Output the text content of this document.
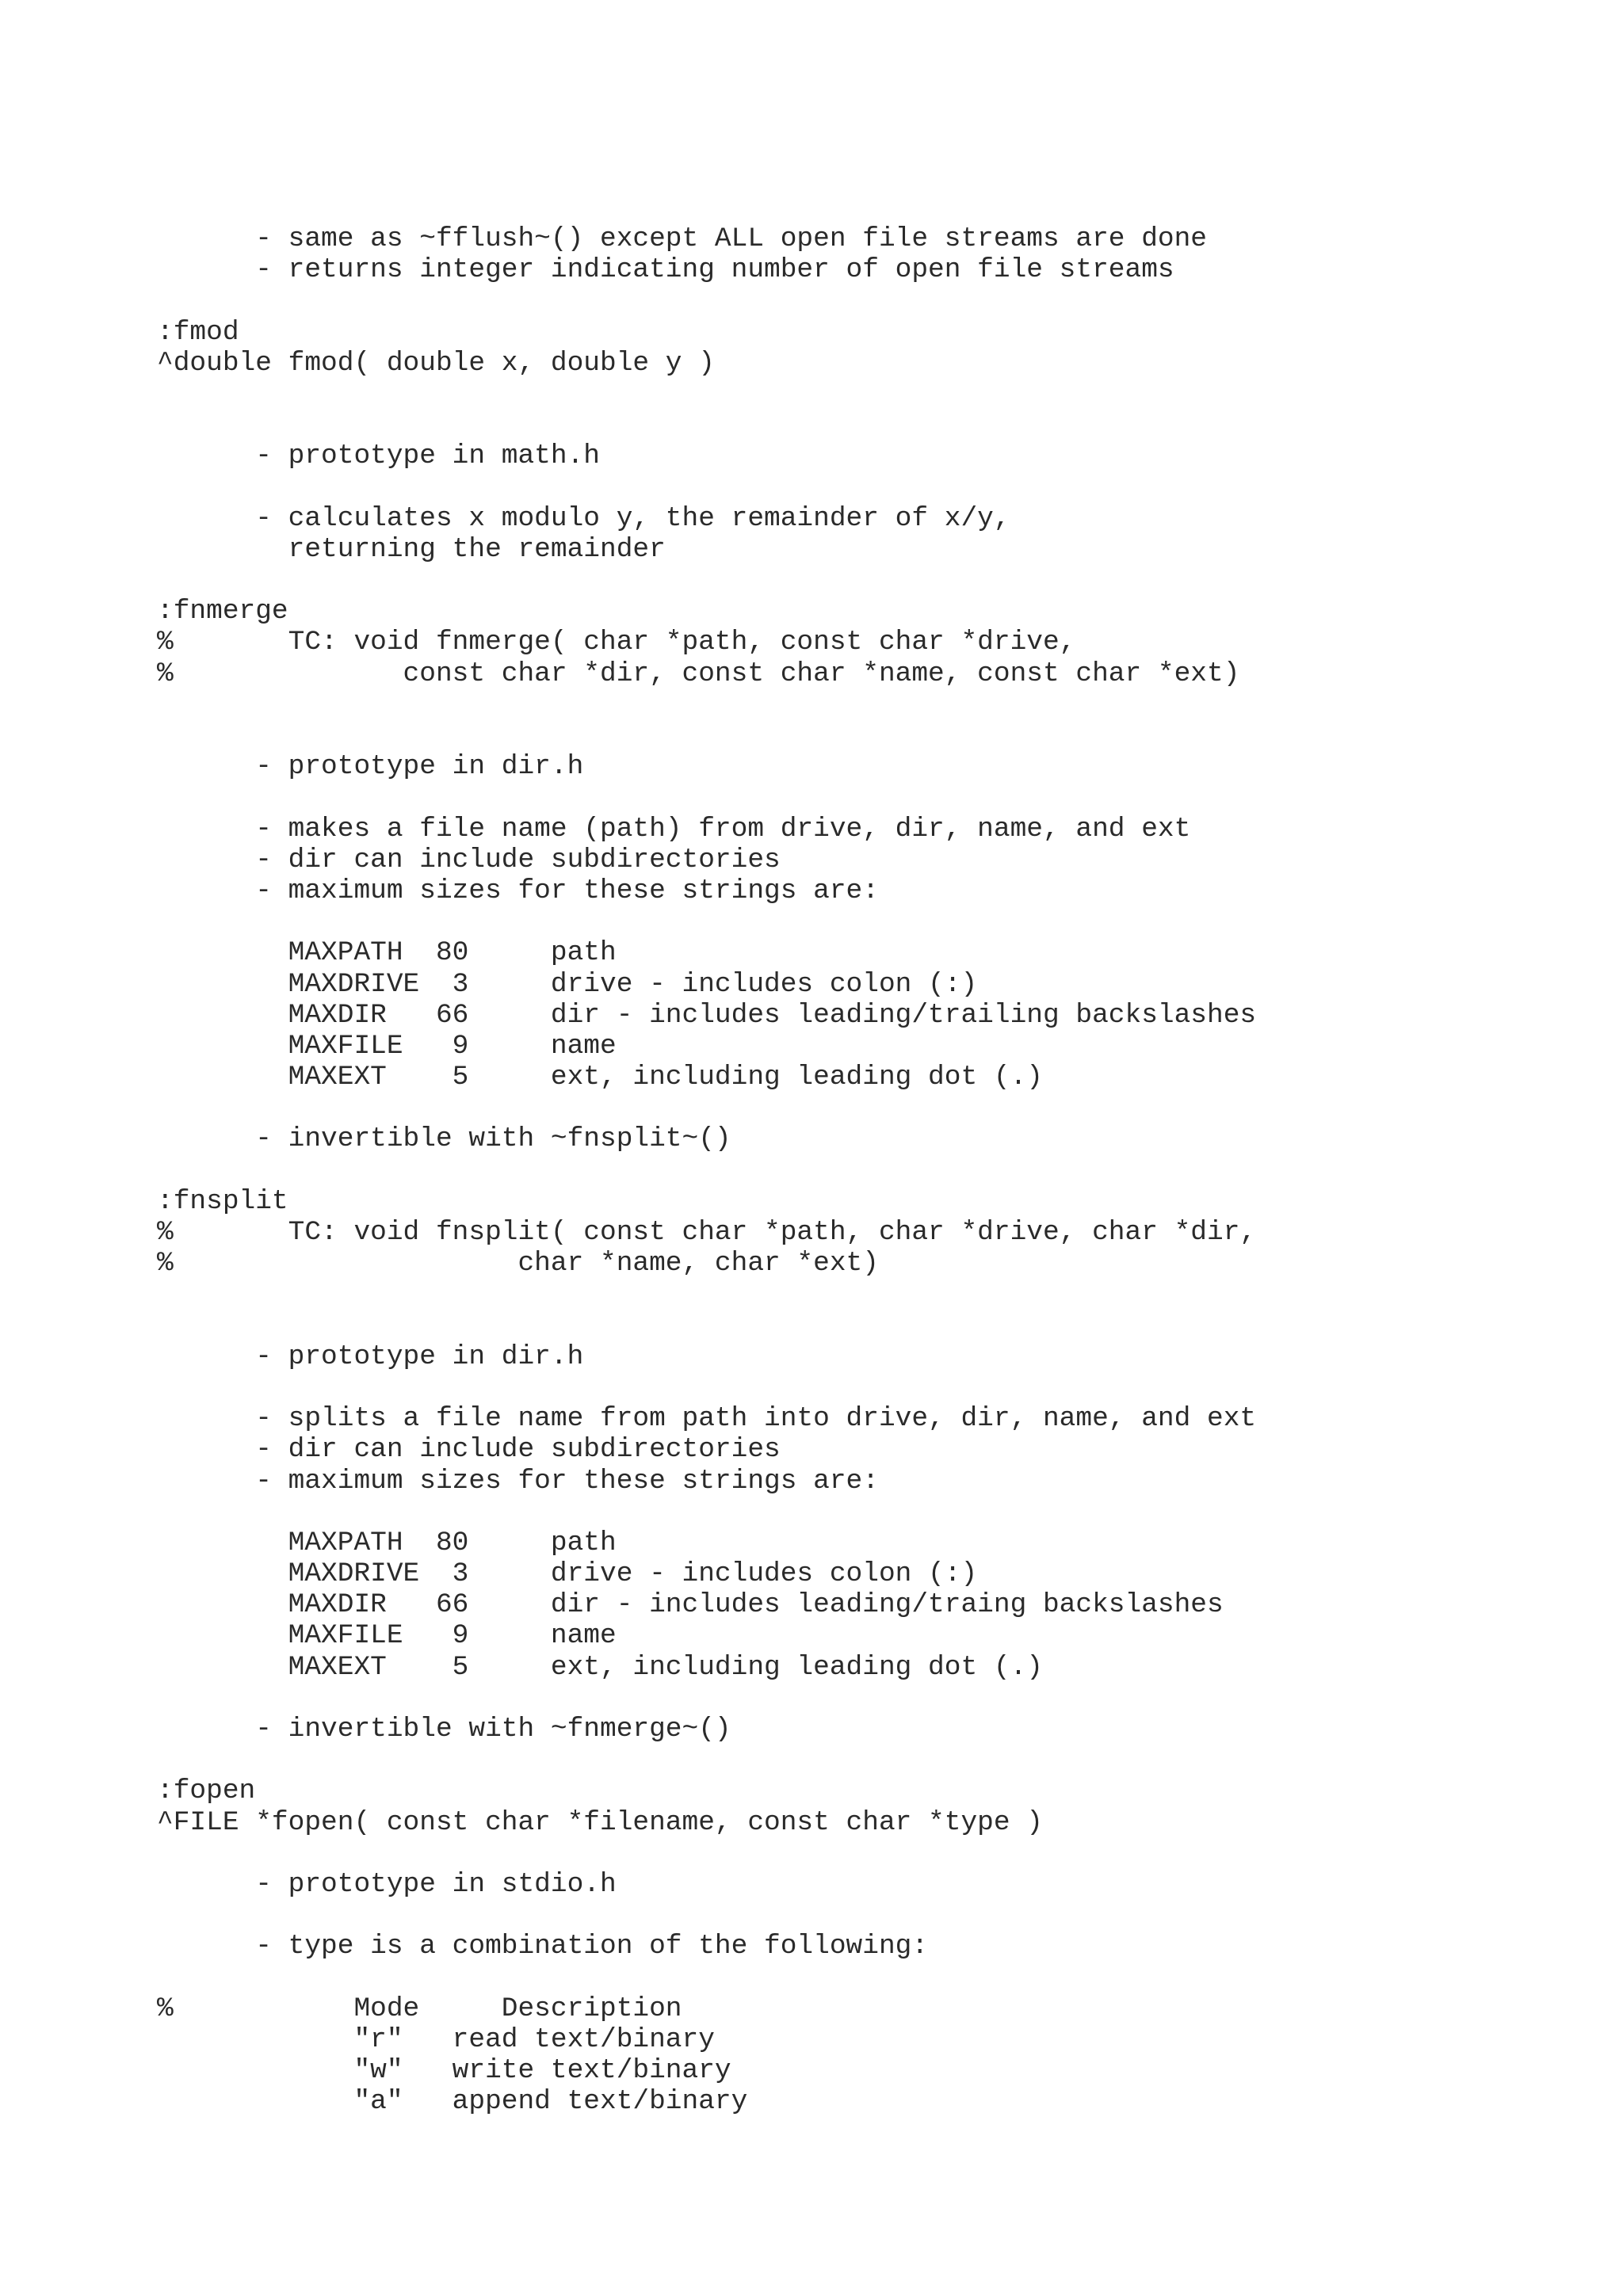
- same as ~fflush~() except ALL open file streams are done
- returns integer indicating number of open file streams

:fmod
^double fmod( double x, double y )

- prototype in math.h

- calculates x modulo y, the remainder of x/y,
returning the remainder

:fnmerge
%       TC: void fnmerge( char *path, const char *drive,
%              const char *dir, const char *name, const char *ext)

- prototype in dir.h

- makes a file name (path) from drive, dir, name, and ext
- dir can include subdirectories
- maximum sizes for these strings are:

MAXPATH  80     path
MAXDRIVE  3     drive - includes colon (:)
MAXDIR   66     dir - includes leading/trailing backslashes
MAXFILE   9     name
MAXEXT    5     ext, including leading dot (.)

- invertible with ~fnsplit~()

:fnsplit
%       TC: void fnsplit( const char *path, char *drive, char *dir,
%                     char *name, char *ext)

- prototype in dir.h

- splits a file name from path into drive, dir, name, and ext
- dir can include subdirectories
- maximum sizes for these strings are:

MAXPATH  80     path
MAXDRIVE  3     drive - includes colon (:)
MAXDIR   66     dir - includes leading/traing backslashes
MAXFILE   9     name
MAXEXT    5     ext, including leading dot (.)

- invertible with ~fnmerge~()

:fopen
^FILE *fopen( const char *filename, const char *type )

- prototype in stdio.h

- type is a combination of the following:

%           Mode     Description
"r"   read text/binary
"w"   write text/binary
"a"   append text/binary
